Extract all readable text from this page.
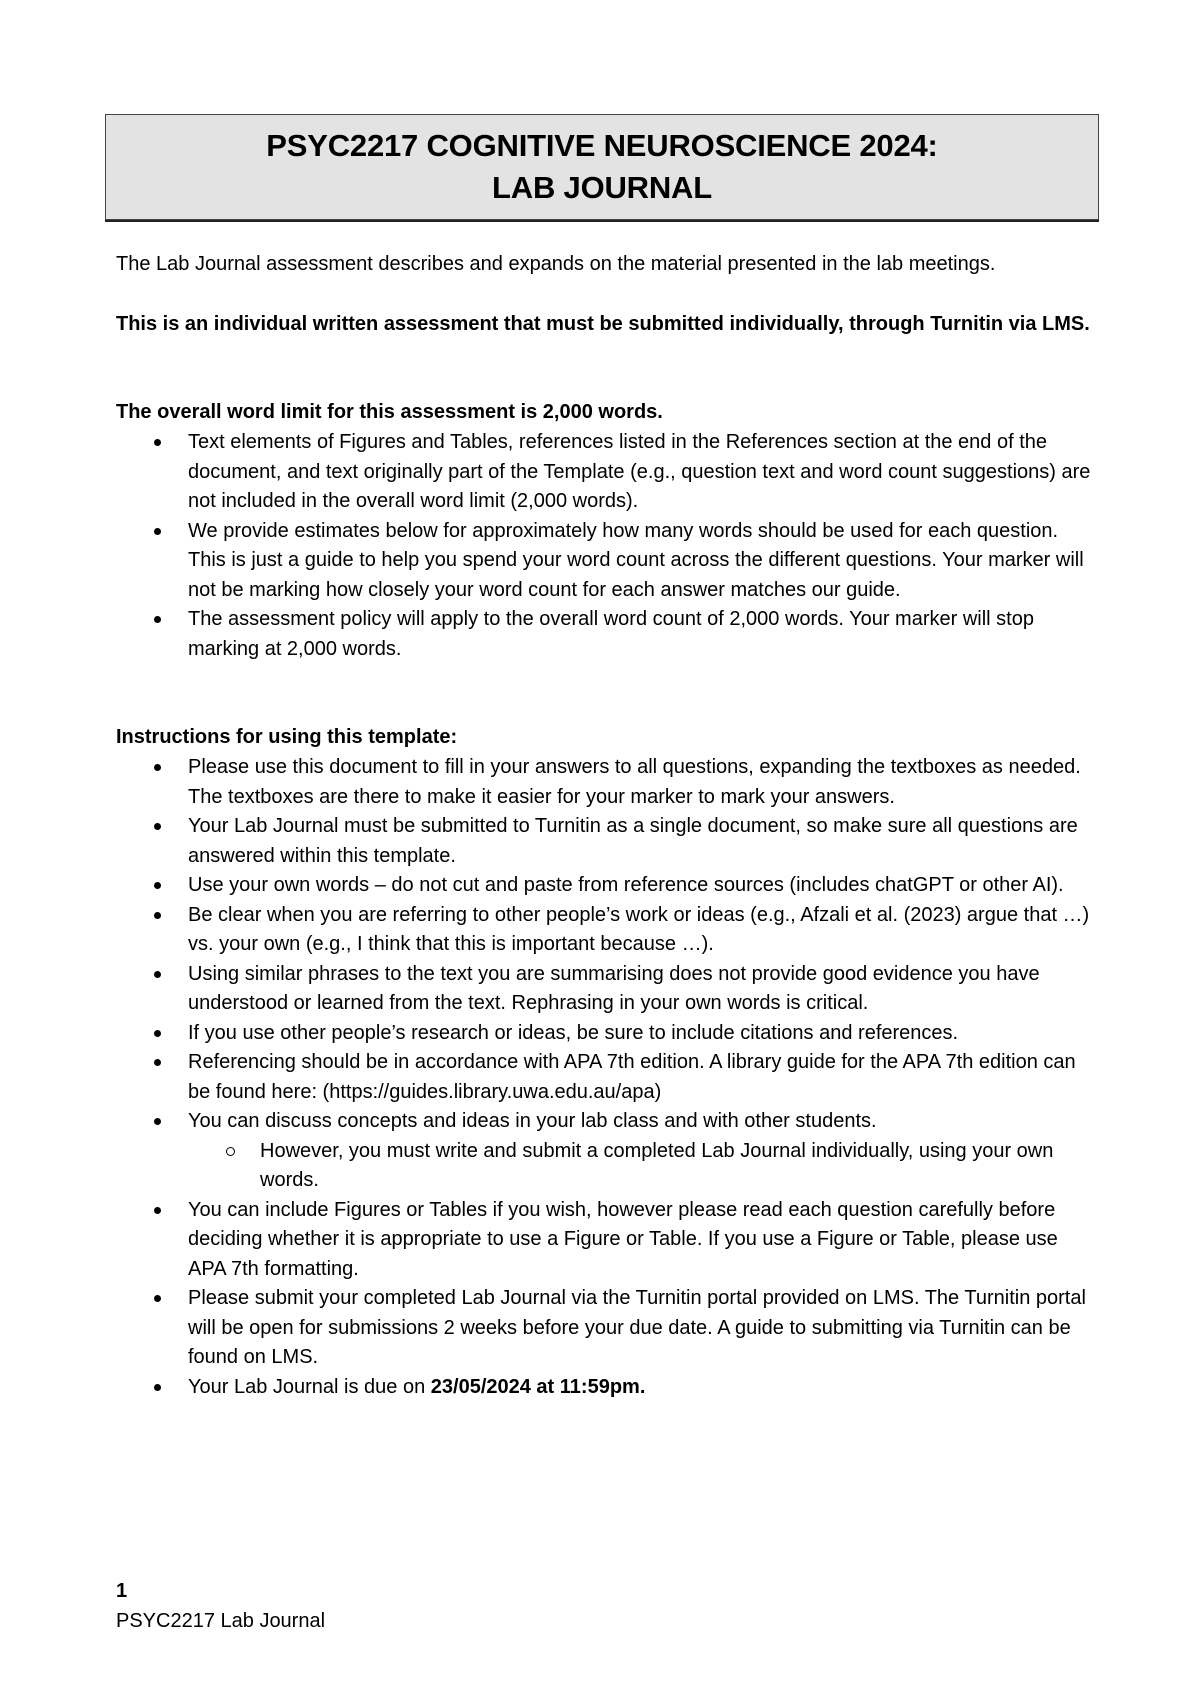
PSYC2217 COGNITIVE NEUROSCIENCE 2024:
LAB JOURNAL
The Lab Journal assessment describes and expands on the material presented in the lab meetings.
This is an individual written assessment that must be submitted individually, through Turnitin via LMS.
The overall word limit for this assessment is 2,000 words.
Text elements of Figures and Tables, references listed in the References section at the end of the document, and text originally part of the Template (e.g., question text and word count suggestions) are not included in the overall word limit (2,000 words).
We provide estimates below for approximately how many words should be used for each question. This is just a guide to help you spend your word count across the different questions. Your marker will not be marking how closely your word count for each answer matches our guide.
The assessment policy will apply to the overall word count of 2,000 words. Your marker will stop marking at 2,000 words.
Instructions for using this template:
Please use this document to fill in your answers to all questions, expanding the textboxes as needed. The textboxes are there to make it easier for your marker to mark your answers.
Your Lab Journal must be submitted to Turnitin as a single document, so make sure all questions are answered within this template.
Use your own words – do not cut and paste from reference sources (includes chatGPT or other AI).
Be clear when you are referring to other people’s work or ideas (e.g., Afzali et al. (2023) argue that …) vs. your own (e.g., I think that this is important because …).
Using similar phrases to the text you are summarising does not provide good evidence you have understood or learned from the text. Rephrasing in your own words is critical.
If you use other people’s research or ideas, be sure to include citations and references.
Referencing should be in accordance with APA 7th edition. A library guide for the APA 7th edition can be found here: (https://guides.library.uwa.edu.au/apa)
You can discuss concepts and ideas in your lab class and with other students.
However, you must write and submit a completed Lab Journal individually, using your own words.
You can include Figures or Tables if you wish, however please read each question carefully before deciding whether it is appropriate to use a Figure or Table. If you use a Figure or Table, please use APA 7th formatting.
Please submit your completed Lab Journal via the Turnitin portal provided on LMS. The Turnitin portal will be open for submissions 2 weeks before your due date. A guide to submitting via Turnitin can be found on LMS.
Your Lab Journal is due on 23/05/2024 at 11:59pm.
1
PSYC2217 Lab Journal
